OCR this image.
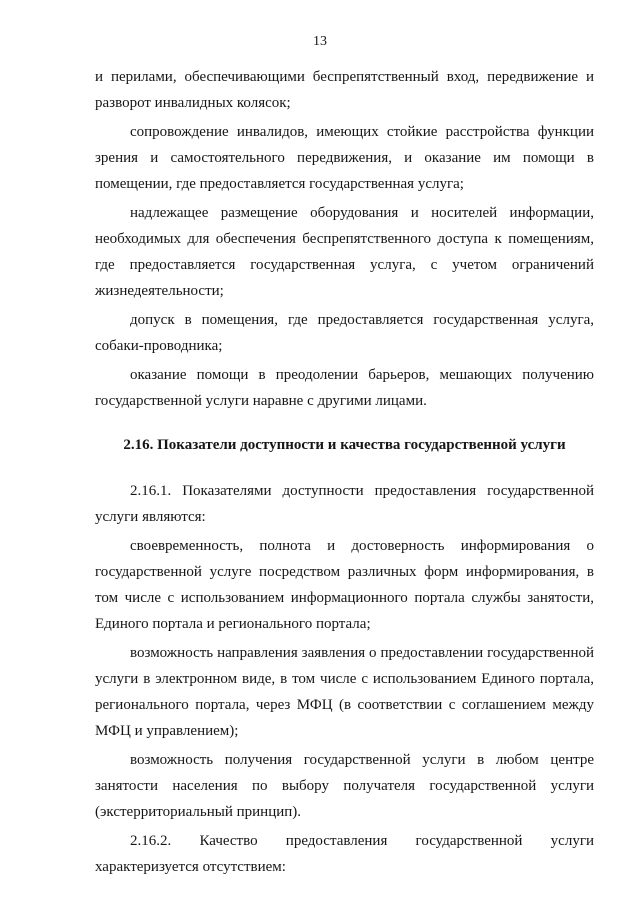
13

и перилами, обеспечивающими беспрепятственный вход, передвижение и разворот инвалидных колясок;

сопровождение инвалидов, имеющих стойкие расстройства функции зрения и самостоятельного передвижения, и оказание им помощи в помещении, где предоставляется государственная услуга;

надлежащее размещение оборудования и носителей информации, необходимых для обеспечения беспрепятственного доступа к помещениям, где предоставляется государственная услуга, с учетом ограничений жизнедеятельности;

допуск в помещения, где предоставляется государственная услуга, собаки-проводника;

оказание помощи в преодолении барьеров, мешающих получению государственной услуги наравне с другими лицами.

2.16. Показатели доступности и качества государственной услуги

2.16.1. Показателями доступности предоставления государственной услуги являются:

своевременность, полнота и достоверность информирования о государственной услуге посредством различных форм информирования, в том числе с использованием информационного портала службы занятости, Единого портала и регионального портала;

возможность направления заявления о предоставлении государственной услуги в электронном виде, в том числе с использованием Единого портала, регионального портала, через МФЦ (в соответствии с соглашением между МФЦ и управлением);

возможность получения государственной услуги в любом центре занятости населения по выбору получателя государственной услуги (экстерриториальный принцип).

2.16.2. Качество предоставления государственной услуги характеризуется отсутствием:
